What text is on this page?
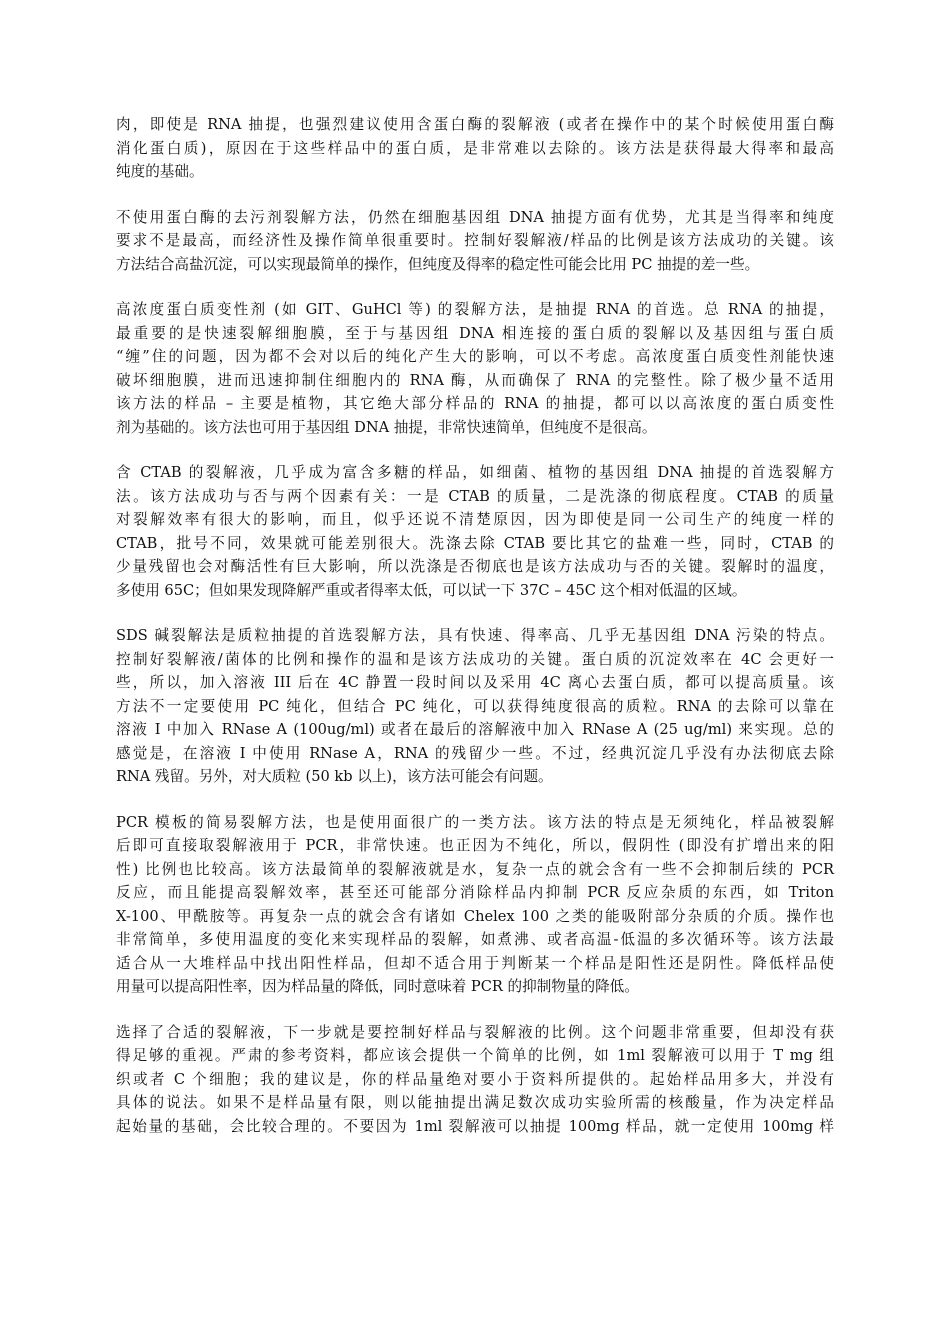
肉，即使是 RNA 抽提，也强烈建议使用含蛋白酶的裂解液 (或者在操作中的某个时候使用蛋白酶
消化蛋白质)，原因在于这些样品中的蛋白质，是非常难以去除的。该方法是获得最大得率和最高
纯度的基础。
不使用蛋白酶的去污剂裂解方法，仍然在细胞基因组 DNA 抽提方面有优势，尤其是当得率和纯度
要求不是最高，而经济性及操作简单很重要时。控制好裂解液/样品的比例是该方法成功的关键。该
方法结合高盐沉淀，可以实现最简单的操作，但纯度及得率的稳定性可能会比用 PC 抽提的差一些。
高浓度蛋白质变性剂 (如 GIT、GuHCl 等) 的裂解方法，是抽提 RNA 的首选。总 RNA 的抽提，
最重要的是快速裂解细胞膜，至于与基因组 DNA 相连接的蛋白质的裂解以及基因组与蛋白质
“缠”住的问题，因为都不会对以后的纯化产生大的影响，可以不考虑。高浓度蛋白质变性剂能快速
破坏细胞膜，进而迅速抑制住细胞内的 RNA 酶，从而确保了 RNA 的完整性。除了极少量不适用
该方法的样品 – 主要是植物，其它绝大部分样品的 RNA 的抽提，都可以以高浓度的蛋白质变性
剂为基础的。该方法也可用于基因组 DNA 抽提，非常快速简单，但纯度不是很高。
含 CTAB 的裂解液，几乎成为富含多糖的样品，如细菌、植物的基因组 DNA 抽提的首选裂解方
法。该方法成功与否与两个因素有关：一是 CTAB 的质量，二是洗涤的彻底程度。CTAB 的质量
对裂解效率有很大的影响，而且，似乎还说不清楚原因，因为即使是同一公司生产的纯度一样的
CTAB，批号不同，效果就可能差别很大。洗涤去除 CTAB 要比其它的盐难一些，同时，CTAB 的
少量残留也会对酶活性有巨大影响，所以洗涤是否彻底也是该方法成功与否的关键。裂解时的温度，
多使用 65C；但如果发现降解严重或者得率太低，可以试一下 37C – 45C 这个相对低温的区域。
SDS 碱裂解法是质粒抽提的首选裂解方法，具有快速、得率高、几乎无基因组 DNA 污染的特点。
控制好裂解液/菌体的比例和操作的温和是该方法成功的关键。蛋白质的沉淀效率在 4C 会更好一
些，所以，加入溶液 III 后在 4C 静置一段时间以及采用 4C 离心去蛋白质，都可以提高质量。该
方法不一定要使用 PC 纯化，但结合 PC 纯化，可以获得纯度很高的质粒。RNA 的去除可以靠在
溶液 I 中加入 RNase A (100ug/ml) 或者在最后的溶解液中加入 RNase A (25 ug/ml) 来实现。总的
感觉是，在溶液 I 中使用 RNase A，RNA 的残留少一些。不过，经典沉淀几乎没有办法彻底去除
RNA 残留。另外，对大质粒 (50 kb 以上)，该方法可能会有问题。
PCR 模板的简易裂解方法，也是使用面很广的一类方法。该方法的特点是无须纯化，样品被裂解
后即可直接取裂解液用于 PCR，非常快速。也正因为不纯化，所以，假阴性 (即没有扩增出来的阳
性) 比例也比较高。该方法最简单的裂解液就是水，复杂一点的就会含有一些不会抑制后续的 PCR
反应，而且能提高裂解效率，甚至还可能部分消除样品内抑制 PCR 反应杂质的东西，如 Triton
X-100、甲酰胺等。再复杂一点的就会含有诸如 Chelex 100 之类的能吸附部分杂质的介质。操作也
非常简单，多使用温度的变化来实现样品的裂解，如煮沸、或者高温-低温的多次循环等。该方法最
适合从一大堆样品中找出阳性样品，但却不适合用于判断某一个样品是阳性还是阴性。降低样品使
用量可以提高阳性率，因为样品量的降低，同时意味着 PCR 的抑制物量的降低。
选择了合适的裂解液，下一步就是要控制好样品与裂解液的比例。这个问题非常重要，但却没有获
得足够的重视。严肃的参考资料，都应该会提供一个简单的比例，如 1ml 裂解液可以用于 T mg 组
织或者 C 个细胞；我的建议是，你的样品量绝对要小于资料所提供的。起始样品用多大，并没有
具体的说法。如果不是样品量有限，则以能抽提出满足数次成功实验所需的核酸量，作为决定样品
起始量的基础，会比较合理的。不要因为 1ml 裂解液可以抽提 100mg 样品，就一定使用 100mg 样
